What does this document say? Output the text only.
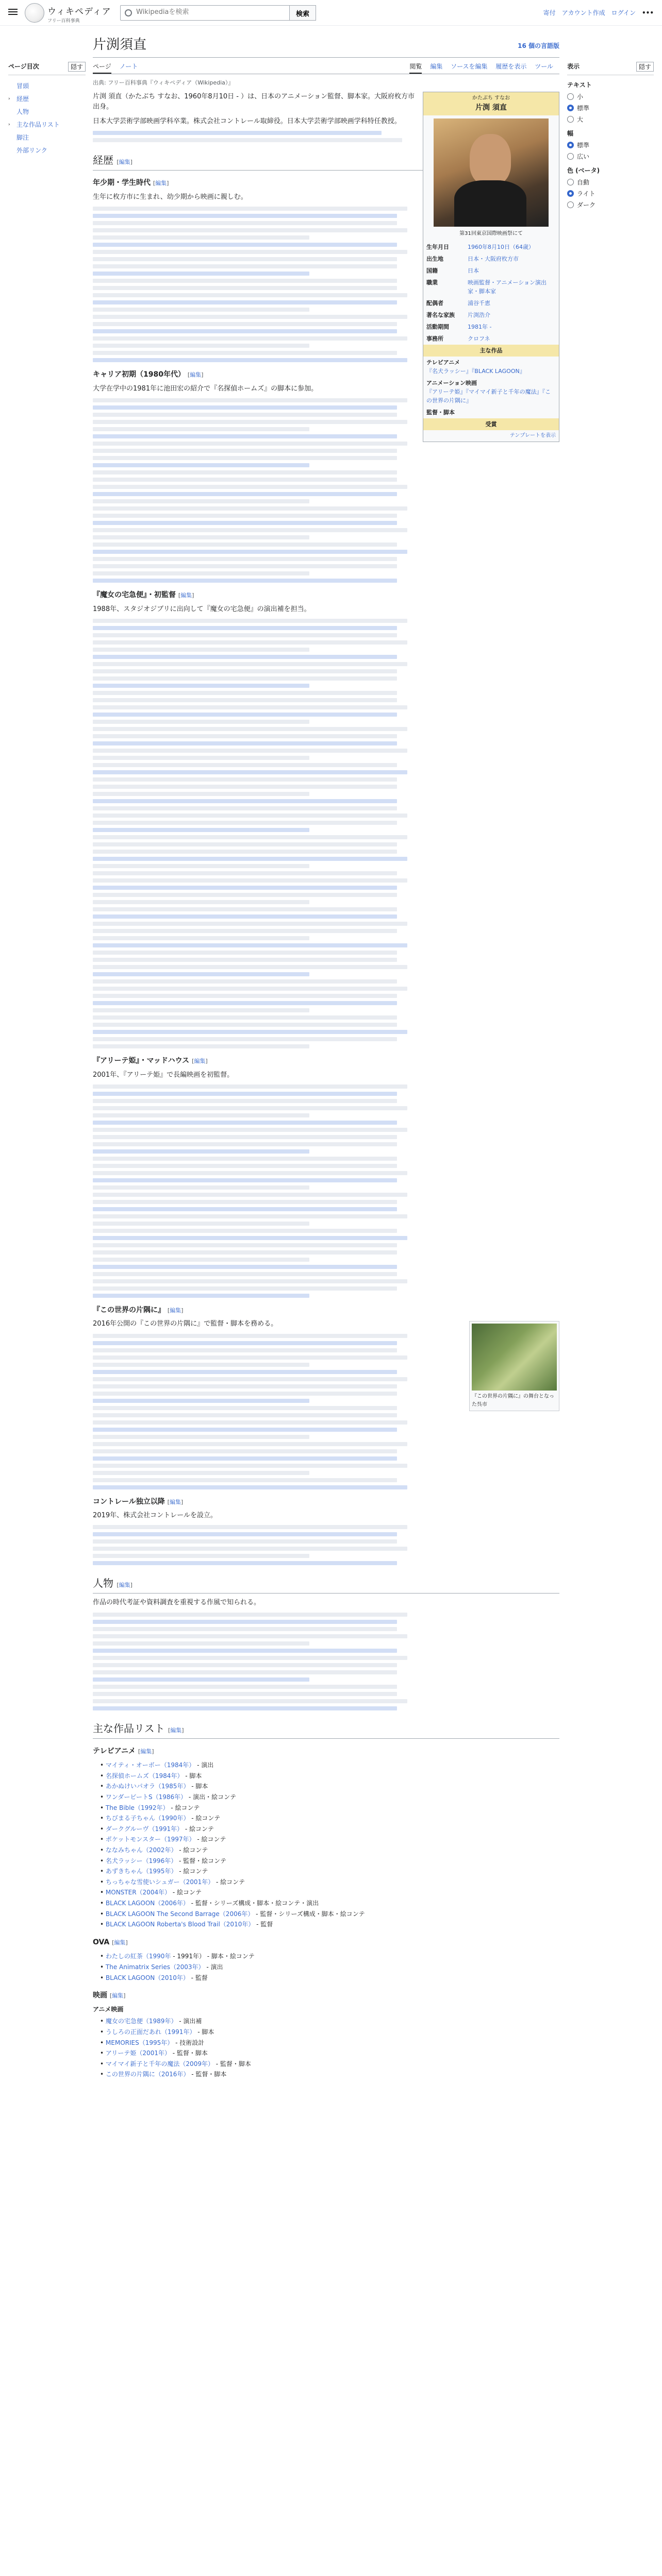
ウィキペディア
フリー百科事典
Wikipediaを検索
検索	寄付 アカウント作成 ログイン •••
ページ目次	隠す
冒頭
›	経歴
人物
›	主な作品リスト
脚注
外部リンク
表示	隠す
テキスト
小
標準
大
幅
標準
広い
色 (ベータ)
自動
ライト
ダーク
片渕須直	16 個の言語版
ページ ノート	閲覧 編集 ソースを編集 履歴を表示 ツール
出典: フリー百科事典『ウィキペディア（Wikipedia）』
かたぶち すなお
片渕 須直
第31回東京国際映画祭にて
生年月日	1960年8月10日（64歳）
出生地	日本・大阪府枚方市
国籍	日本
職業	映画監督・アニメーション演出家・脚本家
配偶者	浦谷千恵
著名な家族	片渕浩介
活動期間	1981年 -
事務所	クロフネ
主な作品
テレビアニメ
『名犬ラッシー』『BLACK LAGOON』
アニメーション映画
『アリーテ姫』『マイマイ新子と千年の魔法』『この世界の片隅に』
監督・脚本
受賞
テンプレートを表示

片渕 須直（かたぶち すなお、1960年8月10日 - ）は、日本のアニメーション監督、脚本家。大阪府枚方市出身。

日本大学芸術学部映画学科卒業。株式会社コントレール取締役。日本大学芸術学部映画学科特任教授。

経歴 [編集]
年少期・学生時代 [編集]

生年に枚方市に生まれ、幼少期から映画に親しむ。

キャリア初期（1980年代） [編集]

大学在学中の1981年に池田宏の紹介で『名探偵ホームズ』の脚本に参加。

『魔女の宅急便』・初監督 [編集]

1988年、スタジオジブリに出向して『魔女の宅急便』の演出補を担当。

『アリーテ姫』・マッドハウス [編集]

2001年、『アリーテ姫』で長編映画を初監督。

『この世界の片隅に』 [編集]
『この世界の片隅に』の舞台となった呉市

2016年公開の『この世界の片隅に』で監督・脚本を務める。

コントレール独立以降 [編集]

2019年、株式会社コントレールを設立。

人物 [編集]

作品の時代考証や資料調査を重視する作風で知られる。

主な作品リスト [編集]
テレビアニメ [編集]
• マイティ・オーボー（1984年） - 演出
• 名探偵ホームズ（1984年） - 脚本
• あかぬけいパオラ（1985年） - 脚本
• ワンダービートS（1986年） - 演出・絵コンテ
• The Bible（1992年） - 絵コンテ
• ちびまる子ちゃん（1990年） - 絵コンテ
• ダークグルーヴ（1991年） - 絵コンテ
• ポケットモンスター（1997年） - 絵コンテ
• ななみちゃん（2002年） - 絵コンテ
• 名犬ラッシー（1996年） - 監督・絵コンテ
• あずきちゃん（1995年） - 絵コンテ
• ちっちゃな雪使いシュガー（2001年） - 絵コンテ
• MONSTER（2004年） - 絵コンテ
• BLACK LAGOON（2006年） - 監督・シリーズ構成・脚本・絵コンテ・演出
• BLACK LAGOON The Second Barrage（2006年） - 監督・シリーズ構成・脚本・絵コンテ
• BLACK LAGOON Roberta's Blood Trail（2010年） - 監督
OVA [編集]
• わたしの紅茶（1990年 - 1991年） - 脚本・絵コンテ
• The Animatrix Series（2003年） - 演出
• BLACK LAGOON（2010年） - 監督
映画 [編集]
アニメ映画
• 魔女の宅急便（1989年） - 演出補
• うしろの正面だあれ（1991年） - 脚本
• MEMORIES（1995年） - 技術設計
• アリーテ姫（2001年） - 監督・脚本
• マイマイ新子と千年の魔法（2009年） - 監督・脚本
• この世界の片隅に（2016年） - 監督・脚本
